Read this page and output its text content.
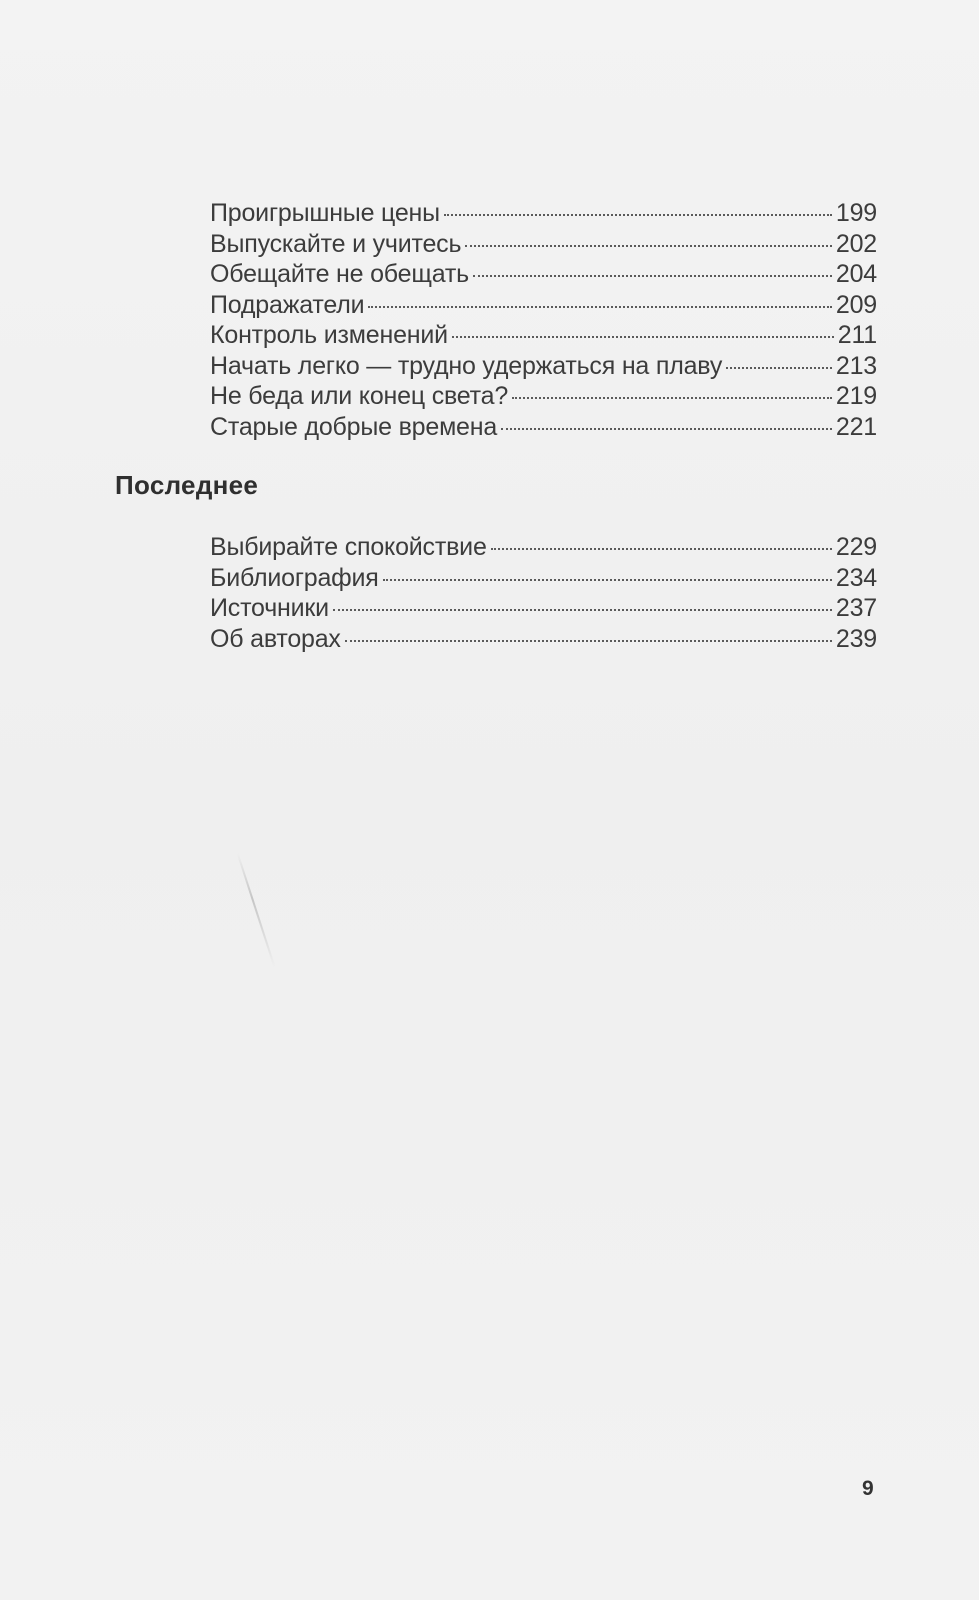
Проигрышные цены	199
Выпускайте и учитесь	202
Обещайте не обещать	204
Подражатели	209
Контроль изменений	211
Начать легко — трудно удержаться на плаву	213
Не беда или конец света?	219
Старые добрые времена	221
Последнее
Выбирайте спокойствие	229
Библиография	234
Источники	237
Об авторах	239
9
